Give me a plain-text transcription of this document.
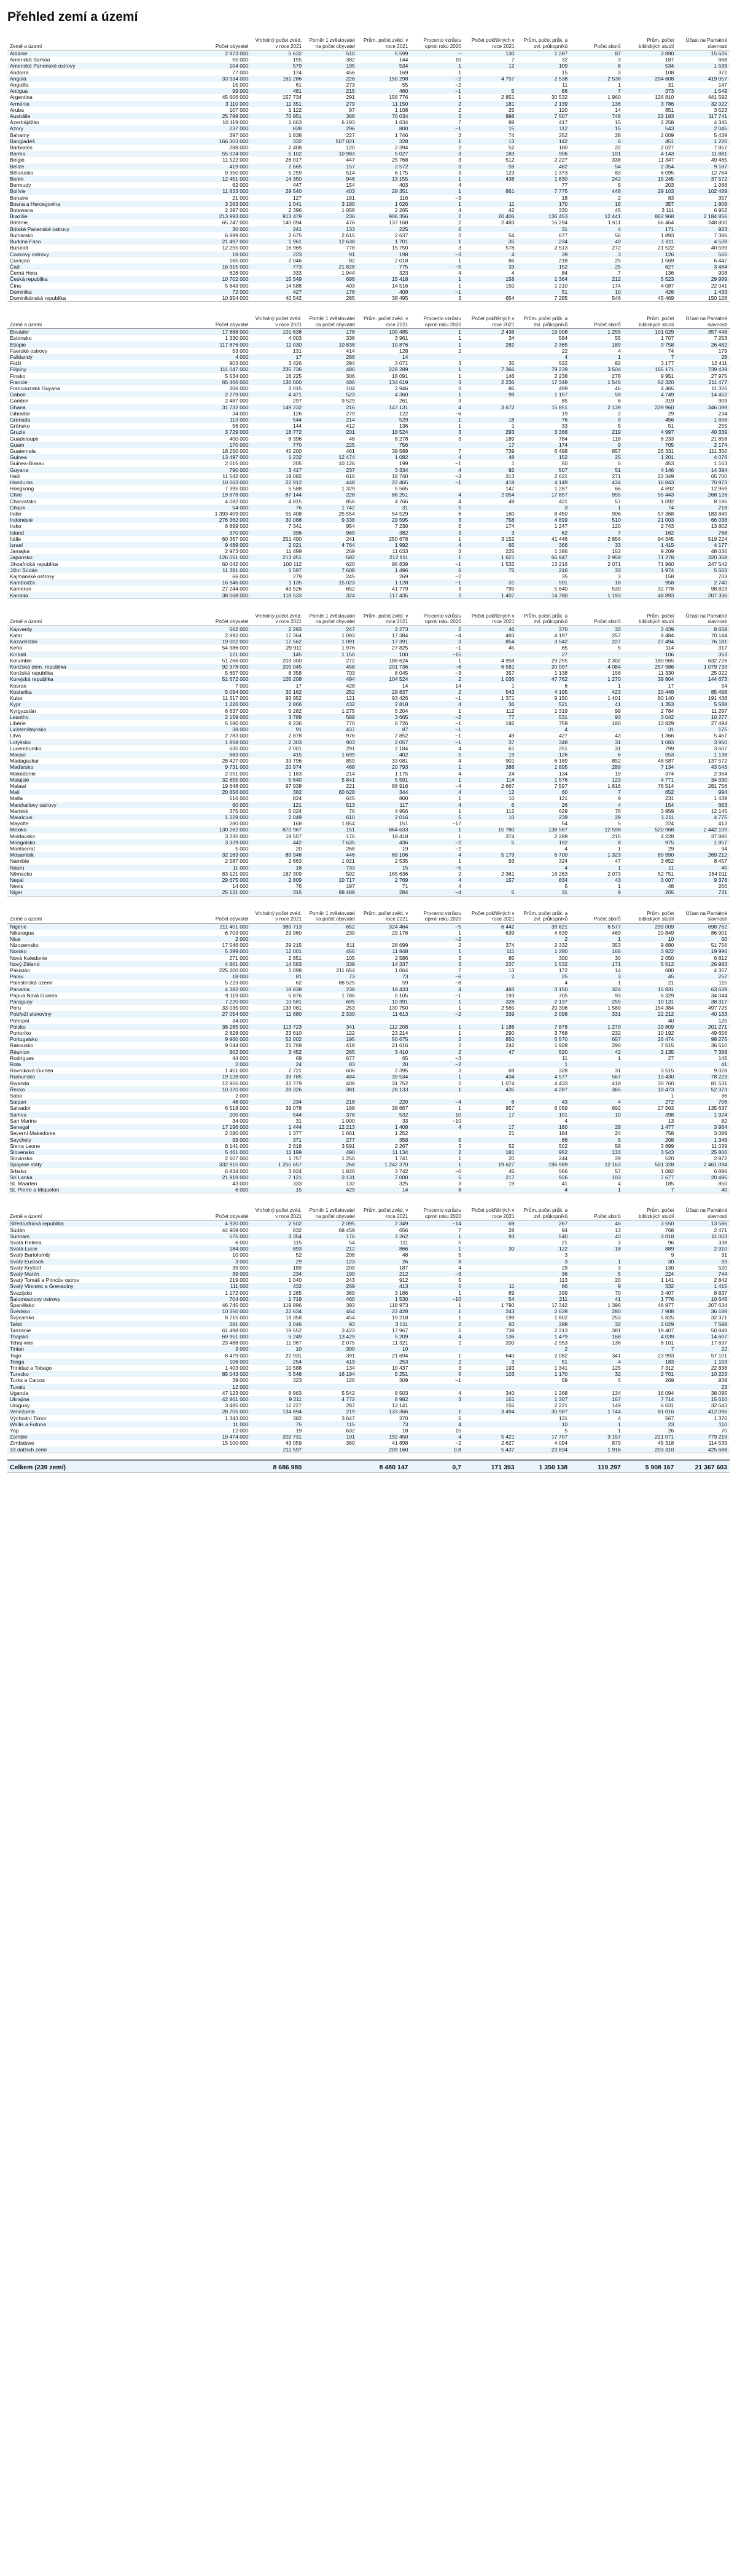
Přehled zemí a území
Země a území	Počet obyvatel	Vrcholný počet zvéd. v roce 2021	Poměr 1 zvěstovatel na počet obyvatel	Prům. počet zvěd. v roce 2021	Procento vzrůstu oproti roku 2020	Počet pokřtěných v roce 2021	Prům. počet průk. a zvl. průkopníků	Počet sborů	Prům. počet biblických studií	Účast na Památné slavnosti
Albánie	2 873 000	5 632	510	5 599	−	130	1 287	87	3 890	15 626
Americká Samoa	55 000	155	382	144	10	7	32	3	187	668
Americké Panenské ostrovy	104 000	579	195	534	1	12	109	8	534	1 539
Andorra	77 000	174	456	169	1		15	3	108	372
Angola	33 934 000	161 286	226	150 298	−2	4 757	2 538	2 538	204 608	419 057
Anguilla	15 000	61	273	55	−2		11	1	31	147
Antigua	99 000	481	215	460	−1	5	86	7	373	1 549
Argentina	45 606 000	157 734	291	156 776	1	2 851	30 532	1 960	126 810	441 592
Arménie	3 110 000	11 351	279	11 150	2	181	2 139	136	3 786	32 022
Aruba	107 000	1 122	97	1 108	2	25	120	14	851	3 523
Austrálie	25 799 000	70 951	368	70 034	3	998	7 507	748	22 183	117 741
Ázerbájdžán	10 119 000	1 663	6 193	1 634	7	88	417	15	2 258	4 345
Azory	237 000	839	296	800	−1	15	112	15	543	2 045
Bahamy	397 000	1 838	227	1 746	3	74	252	28	2 009	5 439
Bangladéš	166 303 000	332	507 021	328	1	13	142	6	451	1 220
Barbados	288 000	2 408	120	2 394	2	52	180	22	2 027	7 857
Barma	55 024 000	5 102	10 983	5 027	3	183	906	101	4 143	11 881
Belgie	11 522 000	26 017	447	25 768	3	512	2 227	338	11 347	49 465
Belize	419 000	2 665	157	2 572	3	59	482	54	2 354	9 187
Bělorusko	9 350 000	5 259	514	6 175	3	123	1 373	83	6 095	12 764
Benin	12 451 000	14 350	946	13 155	1	438	1 830	242	15 245	37 572
Bermudy	62 000	447	154	403	4		77	5	203	1 068
Bolívie	11 833 000	29 540	403	29 351	1	861	7 775	448	29 103	102 489
Bonaire	21 000	127	181	116	−3		18	2	83	357
Bosna a Hercegovina	3 263 000	1 041	3 180	1 026	1	11	170	16	357	1 808
Botswana	2 397 000	2 396	1 058	2 265	4	42	330	45	3 111	6 952
Brazílie	213 993 000	913 479	236	906 356	2	20 406	136 453	12 441	862 968	2 184 856
Británie	65 247 000	140 094	476	137 168	2	2 483	16 294	1 611	66 464	248 800
Britské Panenské ostrovy	30 000	241	133	225	6		31	4	171	923
Bulharsko	6 899 000	2 675	2 615	2 637	3	54	677	56	1 893	7 386
Burkina Faso	21 497 000	1 961	12 638	1 701	1	35	234	49	1 811	4 528
Burundi	12 255 000	16 965	778	15 750	3	578	2 513	272	21 522	40 599
Cookovy ostrovy	18 000	223	91	198	−3	4	39	3	126	565
Curaçao	165 000	2 046	82	2 018	1	86	218	25	1 569	6 447
Čad	16 915 000	773	21 828	775	−5	33	152	25	827	3 484
Černá Hora	628 000	333	1 944	323	4	4	84	7	136	908
Česká republika	10 702 000	15 549	696	15 418	1	158	1 364	212	5 523	29 999
Čína	5 843 000	14 588	403	14 516	1	150	1 210	174	4 087	22 041
Dominika	72 000	427	176	409	−1		51	10	426	1 433
Dominikánská republika	10 954 000	40 542	285	38 495	3	654	7 285	546	45 469	150 128
Země a území	Počet obyvatel	Vrcholný počet zvéd. v roce 2021	Poměr 1 zvěstovatel na počet obyvatel	Prům. počet zvěd. v roce 2021	Procento vzrůstu oproti roku 2020	Počet pokřtěných v roce 2021	Prům. počet průk. a zvl. průkopníků	Počet sborů	Prům. počet biblických studií	Účast na Památné slavnosti
Ekvádor	17 888 000	101 638	178	100 485	1	2 436	19 908	1 255	101 029	357 448
Estonsko	1 330 000	4 003	336	3 961	1	34	584	55	1 707	7 253
Etiopie	117 876 000	11 030	10 838	10 876	1	282	2 365	189	9 758	26 482
Faerské ostrovy	53 000	131	414	128	2		22	4	74	179
Falklandy	4 000	17	286	14			4	1	7	28
Fidži	903 000	3 426	294	3 071	3	35	522	82	3 177	12 411
Filipíny	111 047 000	235 736	486	228 289	1	7 366	79 239	3 504	165 171	739 439
Finsko	5 534 000	18 225	306	18 091	1	146	2 238	278	9 951	27 975
Francie	65 466 000	136 000	486	134 619	3	2 236	17 349	1 546	52 320	211 477
Francouzská Guyana	306 000	3 015	104	2 946	3	86	499	46	4 465	11 326
Gabon	2 279 000	4 471	523	4 360	1	99	1 157	59	4 749	14 452
Gambie	2 487 000	297	9 529	261	3		85	6	319	909
Ghana	31 732 000	149 232	216	147 131	4	3 672	15 851	2 139	229 960	346 089
Gibraltar	34 000	126	279	122	−6		19	2	29	234
Grenada	113 000	544	214	529	1	18	76	9	456	1 656
Grónsko	56 000	144	412	136	1	1	33	5	51	255
Gruzie	3 729 000	18 772	201	18 524	3	293	3 368	219	4 997	40 339
Guadeloupe	400 000	8 396	48	8 278	3	189	784	118	6 233	21 858
Guam	170 000	770	225	756		17	174	9	705	2 174
Guatemala	18 250 000	40 200	461	39 589	7	739	6 498	857	26 331	111 350
Guinea	13 497 000	1 232	12 474	1 082	4	48	152	25	1 201	4 076
Guinea-Bissau	2 015 000	205	10 126	199	−1	1	50	6	453	1 163
Guyana	790 000	3 417	237	3 334	4	92	507	51	4 146	14 394
Haiti	11 542 000	19 082	616	18 740	−3	313	2 621	271	22 349	65 700
Honduras	10 063 000	22 912	448	22 465	−1	418	4 149	434	16 843	70 973
Hongkong	7 395 000	5 588	1 329	5 565		147	1 287	66	4 692	12 969
Chile	19 678 000	87 144	228	86 251	4	2 054	17 857	955	55 443	268 126
Chorvatsko	4 082 000	4 815	856	4 766	4	49	421	57	1 092	8 196
Chuuk	54 000	76	1 742	31	5		3	1	74	218
Indie	1 393 409 000	55 408	25 554	54 529	6	160	8 450	906	57 368	183 849
Indonésie	276 362 000	30 088	9 338	29 595	3	758	4 899	510	21 003	66 038
Irsko	6 899 000	7 341	954	7 230	5	174	1 247	120	2 743	13 802
Island	370 000	396	969	382	3	3	62	7	162	768
Itálie	60 367 000	251 490	241	250 678	1	3 152	41 446	2 856	94 345	519 224
Izrael	9 489 000	2 021	4 764	1 992	4	65	366	33	1 415	4 177
Jamajka	2 973 000	11 499	269	11 033	3	225	1 386	152	9 209	48 036
Japonsko	126 051 000	213 451	592	212 911	1	1 621	66 947	2 959	71 278	320 358
Jihoafrická republika	60 042 000	100 112	620	96 839	−1	1 532	13 216	2 071	71 960	247 542
Jižní Súdán	11 381 000	1 597	7 608	1 496	6	75	216	33	1 974	5 563
Kajmanské ostrovy	66 000	279	245	269	−2		35	3	158	703
Kambodža	16 946 000	1 135	15 023	1 128	−1	31	591	18	958	2 740
Kamerun	27 244 000	43 526	652	41 779	3	795	5 840	530	32 778	98 823
Kanada	38 068 000	118 533	324	117 435	2	1 407	14 780	1 193	48 893	207 336
Země a území	Počet obyvatel	Vrcholný počet zvéd. v roce 2021	Poměr 1 zvěstovatel na počet obyvatel	Prům. počet zvěd. v roce 2021	Procento vzrůstu oproti roku 2020	Počet pokřtěných v roce 2021	Prům. počet průk. a zvl. průkopníků	Počet sborů	Prům. počet biblických studií	Účast na Památné slavnosti
Kapverdy	562 000	2 293	247	2 273	2	46	370	33	2 439	8 658
Katar	2 892 000	17 364	1 093	17 384	−4	493	4 197	257	8 484	70 144
Kazachstán	19 002 000	17 562	1 091	17 391	3	854	3 542	227	27 494	76 181
Keňa	54 986 000	29 911	1 976	27 825	−1	45	65	5	114	317
Kiribati	121 000	145	1 150	100	−15		27		106	353
Kolumbie	51 266 000	203 300	272	188 624	1	4 958	29 255	2 302	180 965	632 726
Konžská dem. republika	92 378 000	205 045	458	201 736	−6	6 581	20 097	4 084	257 986	1 079 733
Konžská republika	5 657 000	8 358	703	8 045	−3	357	1 138	156	11 330	25 022
Korejská republika	51 672 000	105 208	494	104 524	2	1 036	47 762	1 270	39 804	144 673
Kosrae	7 000	17	428	14	14	1	6	1	17	54
Kostarika	5 094 000	30 162	252	29 837	2	543	4 195	423	20 449	85 498
Kuba	11 317 000	93 952	121	93 426	−1	1 371	9 150	1 401	80 140	191 438
Kypr	1 226 000	2 866	432	2 818	4	36	521	41	1 353	5 588
Kyrgyzstán	6 637 000	5 282	1 275	5 204	1	112	1 319	99	2 784	11 297
Lesotho	2 159 000	3 789	589	3 665	−2	77	531	93	3 042	10 277
Libérie	5 180 000	8 236	770	6 726	−1	192	759	180	13 829	27 494
Lichtenštejnsko	38 000	91	437	87	−1		4		31	175
Litva	2 783 000	2 878	976	2 852	−1	49	427	43	1 366	5 467
Lotyšsko	1 858 000	2 303	903	2 057	−1	37	348	31	1 083	3 960
Lucembursko	635 000	2 001	291	2 184	4	61	251	31	799	3 607
Macao	683 000	415	1 699	402	5	19	126	6	553	1 138
Madagaskar	28 427 000	33 796	859	33 081	4	901	6 189	852	48 587	137 572
Maďarsko	9 731 000	20 974	468	20 793	1	388	1 895	289	7 134	43 543
Makedonie	2 051 000	1 183	214	1 175	4	24	134	19	374	2 364
Malajsie	32 655 000	5 640	5 841	5 591	1	114	1 576	123	4 771	34 330
Malawi	19 648 000	97 938	221	88 916	−4	2 667	7 597	1 816	76 514	281 756
Mali	20 856 000	382	60 628	344	4	12	60	7	652	994
Malta	516 000	824	645	800	1	10	121	9	231	1 439
Marshallovy ostrovy	60 000	121	513	117	4	6	26	4	154	663
Martinik	375 000	5 024	76	4 956	1	112	629	76	3 959	12 145
Mauricius	1 229 000	2 049	610	2 016	5	10	239	29	1 211	4 775
Mayotte	280 000	168	1 854	151	−17		54	5	224	413
Mexiko	130 262 000	870 967	151	864 633	1	15 780	138 587	12 598	520 968	2 442 109
Moldavsko	3 235 000	18 557	176	18 418	1	374	2 289	215	4 228	37 880
Mongolsko	3 329 000	442	7 635	436	−2	5	192	8	975	1 857
Montserrat	5 000	20	268	19	−2		4	1	29	94
Mosambik	32 163 000	89 946	446	69 106	4	5 179	6 700	1 323	80 990	269 212
Namibie	2 587 000	2 663	1 021	2 535	1	93	324	47	3 652	8 457
Nauru	11 000	18	733	15	−5		4	1	11	40
Německo	83 121 000	167 309	502	165 636	2	2 361	16 263	2 073	52 751	284 011
Nepál	29 675 000	2 809	10 717	2 769	4	157	834	43	3 007	9 378
Nevis	14 000	76	197	71	4		5	1	48	266
Niger	25 131 000	315	88 489	284	−4	5	31	9	265	731
Země a území	Počet obyvatel	Vrcholný počet zvéd. v roce 2021	Poměr 1 zvěstovatel na počet obyvatel	Prům. počet zvěd. v roce 2021	Procento vzrůstu oproti roku 2020	Počet pokřtěných v roce 2021	Prům. počet průk. a zvl. průkopníků	Počet sborů	Prům. počet biblických studií	Účast na Památné slavnosti
Nigérie	211 401 000	380 713	652	324 464	−5	6 442	39 621	6 577	299 009	698 762
Nikaragua	6 703 000	29 960	230	29 176	1	639	4 639	469	20 849	86 901
Niue	2 000				−2		2	1	10	50
Nizozemsko	17 546 000	29 215	611	28 699	2	374	2 332	353	9 880	51 756
Norsko	5 399 000	12 001	456	11 848	1	111	1 280	166	3 922	19 996
Nová Kaledonie	271 000	2 651	105	2 586	3	85	300	30	2 050	6 812
Nový Zéland	4 861 000	14 583	339	14 337	3	237	1 532	171	5 512	26 983
Pákistán	225 200 000	1 098	211 654	1 064	7	13	172	14	680	4 357
Palau	18 000	81	73	73	−6	2	25	3	45	257
Palestinská území	5 223 000	62	88 525	59	−8		4	1	21	115
Panama	4 382 000	18 838	238	18 433	4	483	3 150	324	15 831	63 639
Papua Nová Guinea	9 119 000	5 876	1 786	5 105	−1	193	705	93	6 329	34 044
Paraguay	7 220 000	10 581	695	10 391	1	328	2 137	255	10 131	38 317
Peru	33 035 000	133 081	253	130 750	1	2 565	29 396	1 589	154 384	497 725
Pobřeží slonoviny	27 054 000	11 880	2 330	11 613	−2	339	2 098	331	22 212	40 133
Pohnpei	34 000								40	120
Polsko	38 265 000	113 723	341	112 208	1	1 188	7 878	1 270	29 809	201 271
Portoriko	2 828 000	23 610	122	23 214	1	290	3 768	232	10 192	49 656
Portugalsko	9 960 000	52 002	195	50 675	2	850	6 570	657	25 474	98 275
Rakousko	9 044 000	21 769	418	21 616	2	242	1 928	290	7 515	36 510
Réunion	902 000	3 452	265	3 410	2	47	520	42	2 135	7 398
Rodrigues	44 000	69	677	65	−3		11	1	27	145
Rota	2 000	24	83	20	−2		1			41
Rovníková Guinea	1 451 000	2 721	606	2 395	3	69	328	31	3 515	9 028
Rumunsko	19 128 000	39 785	484	39 534	1	434	4 577	567	13 430	78 223
Rwanda	12 955 000	31 779	408	31 752	2	1 074	4 433	418	30 760	81 531
Řecko	10 370 000	28 326	381	28 133	1	435	4 287	365	10 473	52 373
Saba	2 000								1	36
Saipan	48 000	234	218	220	−4	6	43	4	272	706
Salvador	6 518 000	39 078	168	38 667	1	957	6 059	692	27 563	135 637
Samoa	200 000	544	378	532	10	17	101	10	398	1 924
San Marino	34 000	31	1 000	33	−10		4		13	82
Senegal	17 196 000	1 444	12 213	1 408	4	17	180	28	1 477	3 964
Severní Makedonie	2 080 000	1 377	1 661	1 252		21	184	24	758	3 089
Seychely	99 000	371	277	358	5		66	5	208	1 349
Sierra Leone	8 141 000	2 618	3 591	2 267	3	52	502	58	3 899	11 039
Slovensko	5 461 000	11 199	490	11 134	2	181	952	133	3 543	25 806
Slovinsko	2 107 000	1 757	1 250	1 741	1	20	244	29	520	2 972
Spojené státy	332 915 000	1 255 657	268	1 242 370	1	19 627	196 989	12 163	501 328	2 461 094
Srbsko	6 834 000	3 824	1 826	3 742	−6	45	566	57	1 082	6 896
Srí Lanka	21 919 000	7 121	3 131	7 000	5	217	926	103	7 677	20 495
St. Maarten	43 000	333	132	325	3	19	41	4	185	850
St. Pierre a Miquelon	6 000	15	429	14	8		4	1	7	40
Země a území	Počet obyvatel	Vrcholný počet zvéd. v roce 2021	Poměr 1 zvěstovatel na počet obyvatel	Prům. počet zvěd. v roce 2021	Procento vzrůstu oproti roku 2020	Počet pokřtěných v roce 2021	Prům. počet průk. a zvl. průkopníků	Počet sborů	Prům. počet biblických studií	Účast na Památné slavnosti
Středoafrická republika	4 920 000	2 502	2 095	2 349	−14	69	267	46	3 550	13 586
Súdán	44 909 000	832	68 459	656	7	28	94	13	768	2 471
Surinam	575 000	3 354	176	3 262	1	93	540	40	3 018	11 003
Svatá Helena	6 000	115	54	111	5		21	3	96	338
Svatá Lucie	184 000	893	212	866	1	30	122	18	889	2 910
Svatý Bartoloměj	10 000	52	208	48	5		3		9	31
Svatý Eustach	3 000	29	123	26	8		3	1	30	93
Svatý Kryštof	39 000	189	209	187	4		29	3	130	520
Svatý Martin	39 000	234	190	212	−3		36	5	224	744
Svatý Tomáš a Princův ostrov	219 000	1 040	243	912	5		113	20	1 141	2 842
Svatý Vincenc a Grenadiny	111 000	432	269	413	5	11	86	9	332	1 415
Svazijsko	1 172 000	3 285	369	3 186	1	89	399	70	3 407	8 837
Šalomounovy ostrovy	704 000	1 719	460	1 530	−10	54	211	41	1 776	10 645
Španělsko	46 745 000	119 896	393	118 973	1	1 790	17 342	1 396	48 977	207 634
Švédsko	10 350 000	22 634	464	22 428	1	243	2 628	280	7 908	36 188
Švýcarsko	8 715 000	19 358	454	19 218	1	199	1 802	253	5 825	32 371
Tahiti	281 000	3 046	93	3 011	2	60	298	32	2 029	7 598
Tanzanie	61 498 000	19 552	3 423	17 967	5	739	2 313	381	19 407	50 849
Thajsko	69 951 000	5 249	13 429	5 209	4	136	1 479	168	4 039	14 607
Tchaj-wan	23 488 000	11 967	2 075	11 321	2	200	2 953	136	6 101	17 637
Tinian	3 000	10	300	10			2		7	22
Togo	8 479 000	22 931	391	21 694	1	640	2 082	341	23 993	57 101
Tonga	106 000	254	419	253	2	3	51	4	183	1 103
Trinidad a Tobago	1 403 000	10 588	134	10 437	3	193	1 341	125	7 312	22 838
Turecko	85 043 000	5 548	16 194	5 251	5	103	1 170	32	2 701	10 223
Turks a Caicos	39 000	323	126	309	−1		69	5	269	939
Tuvalu	12 000									23
Uganda	47 123 000	8 963	5 542	8 503	4	340	1 268	134	16 094	38 095
Ukrajina	42 861 000	9 211	4 772	8 982	3	161	1 307	167	7 714	15 610
Uruguay	3 485 000	12 227	287	12 141		155	2 221	149	6 631	32 643
Venezuela	28 705 000	134 894	219	133 366	1	3 494	30 987	1 744	81 016	412 096
Východní Timor	1 343 000	382	3 647	370	5		131	4	567	1 370
Wallis a Futuna	11 000	75	115	73	4		10	1	23	110
Yap	12 000	19	632	18	15		5	1	26	70
Zambie	19 474 000	202 731	101	192 450	4	5 421	17 707	3 157	221 071	779 219
Zimbabwe	15 100 000	43 059	360	41 898	−2	2 627	4 094	879	45 318	114 539
33 dalších zemí		211 597		209 160	0,8	5 437	23 834	1 916	203 310	425 688
Celkem (239 zemí)		8 686 980		8 480 147	0,7	171 393	1 350 138	119 297	5 908 167	21 367 603
